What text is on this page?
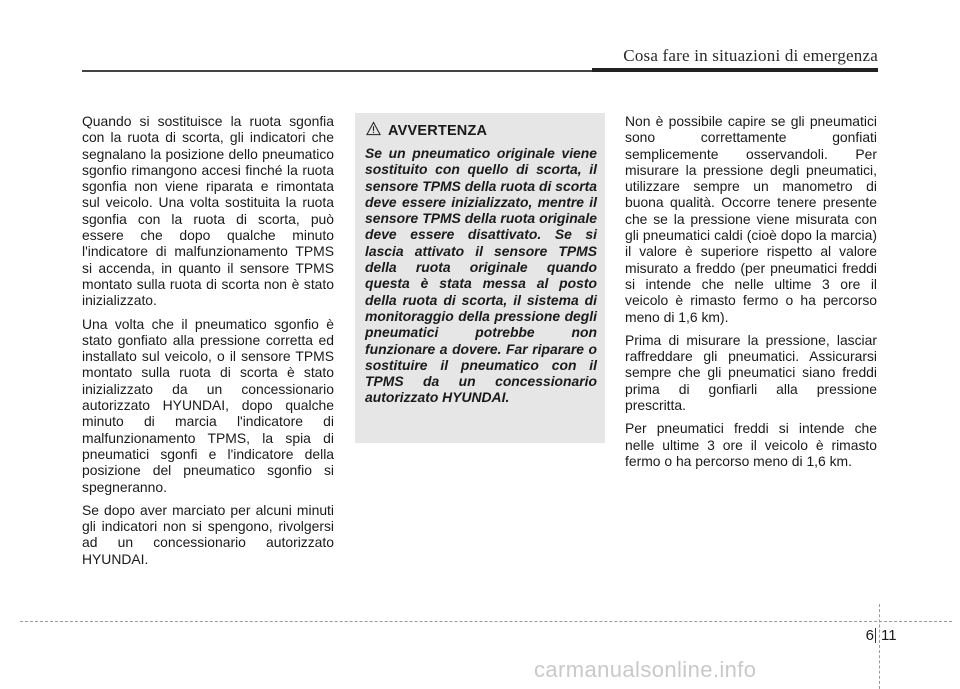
Cosa fare in situazioni di emergenza

Quando si sostituisce la ruota sgonfia con la ruota di scorta, gli indicatori che segnalano la posizione dello pneumatico sgonfio rimangono accesi finché la ruota sgonfia non viene riparata e rimontata sul veicolo. Una volta sostituita la ruota sgonfia con la ruota di scorta, può essere che dopo qualche minuto l'indicatore di malfunzionamento TPMS si accenda, in quanto il sensore TPMS montato sulla ruota di scorta non è stato inizializzato.

Una volta che il pneumatico sgonfio è stato gonfiato alla pressione corretta ed installato sul veicolo, o il sensore TPMS montato sulla ruota di scorta è stato inizializzato da un concessionario autorizzato HYUNDAI, dopo qualche minuto di marcia l'indicatore di malfunzionamento TPMS, la spia di pneumatici sgonfi e l'indicatore della posizione del pneumatico sgonfio si spegneranno.

Se dopo aver marciato per alcuni minuti gli indicatori non si spengono, rivolgersi ad un concessionario autorizzato HYUNDAI.

AVVERTENZA

Se un pneumatico originale viene sostituito con quello di scorta, il sensore TPMS della ruota di scorta deve essere inizializzato, mentre il sensore TPMS della ruota originale deve essere disattivato. Se si lascia attivato il sensore TPMS della ruota originale quando questa è stata messa al posto della ruota di scorta, il sistema di monitoraggio della pressione degli pneumatici potrebbe non funzionare a dovere. Far riparare o sostituire il pneumatico con il TPMS da un concessionario autorizzato HYUNDAI.

Non è possibile capire se gli pneumatici sono correttamente gonfiati semplicemente osservandoli. Per misurare la pressione degli pneumatici, utilizzare sempre un manometro di buona qualità. Occorre tenere presente che se la pressione viene misurata con gli pneumatici caldi (cioè dopo la marcia) il valore è superiore rispetto al valore misurato a freddo (per pneumatici freddi si intende che nelle ultime 3 ore il veicolo è rimasto fermo o ha percorso meno di 1,6 km).

Prima di misurare la pressione, lasciar raffreddare gli pneumatici. Assicurarsi sempre che gli pneumatici siano freddi prima di gonfiarli alla pressione prescritta.

Per pneumatici freddi si intende che nelle ultime 3 ore il veicolo è rimasto fermo o ha percorso meno di 1,6 km.

6 11
carmanualsonline.info
